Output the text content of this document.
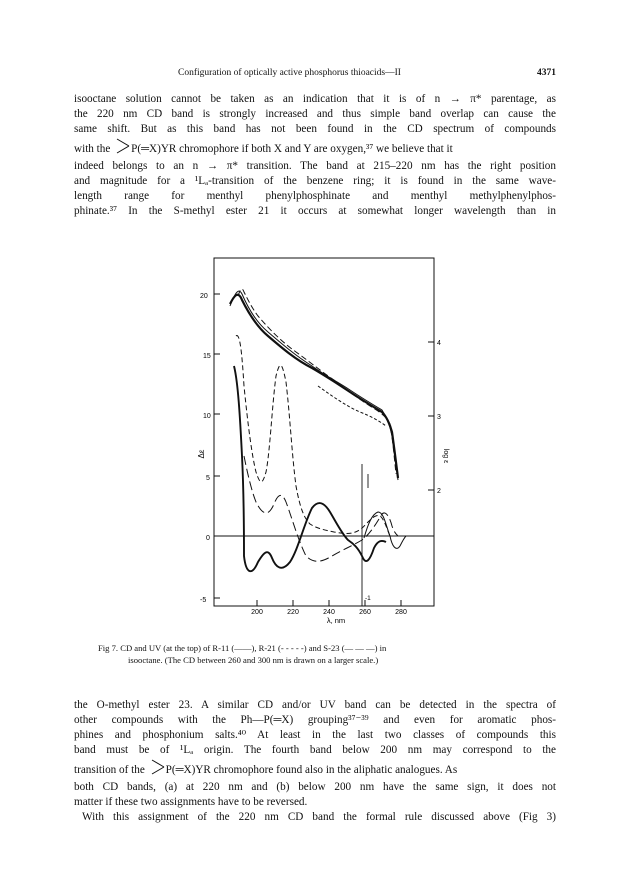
Configuration of optically active phosphorus thioacids—II	4371

isooctane solution cannot be taken as an indication that it is of n → π* parentage, as
the 220 nm CD band is strongly increased and thus simple band overlap can cause the
same shift. But as this band has not been found in the CD spectrum of compounds
with the P(═X)YR chromophore if both X and Y are oxygen,³⁷ we believe that it
indeed belongs to an n → π* transition. The band at 215–220 nm has the right position
and magnitude for a ¹Lₐ-transition of the benzene ring; it is found in the same wave-
length range for menthyl phenylphosphinate and menthyl methylphenylphos-
phinate.³⁷ In the S-methyl ester 21 it occurs at somewhat longer wavelength than in

20
15
10
5
0
-5
4
3
2
Δε	log ε
200	220	240	260	280
λ, nm
-1

Fig 7. CD and UV (at the top) of R-11 (——), R-21 (- - - - -) and S-23 (— — —) in
isooctane. (The CD between 260 and 300 nm is drawn on a larger scale.)

the O-methyl ester 23. A similar CD and/or UV band can be detected in the spectra of
other compounds with the Ph—P(═X) grouping³⁷⁻³⁹ and even for aromatic phos-
phines and phosphonium salts.⁴⁰ At least in the last two classes of compounds this
band must be of ¹Lₐ origin. The fourth band below 200 nm may correspond to the
transition of the P(═X)YR chromophore found also in the aliphatic analogues. As
both CD bands, (a) at 220 nm and (b) below 200 nm have the same sign, it does not
matter if these two assignments have to be reversed.
With this assignment of the 220 nm CD band the formal rule discussed above (Fig 3)
